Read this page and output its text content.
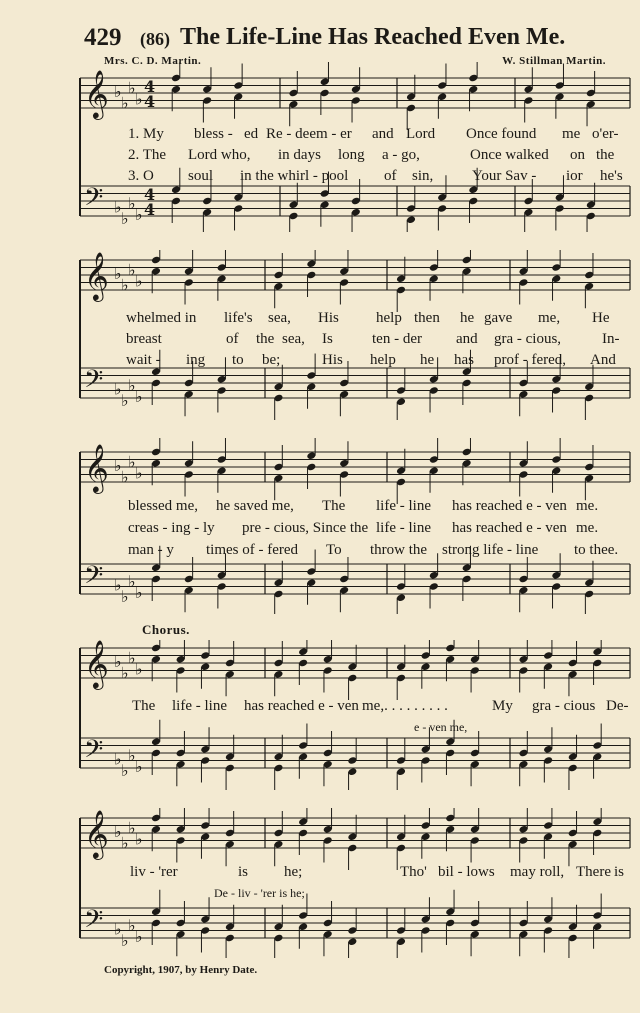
429 (86) The Life-Line Has Reached Even Me.
Mrs. C. D. Martin.	W. Stillman Martin.
𝄞 ♭
♭
♭
♭
4
4
𝄢 ♭
♭
♭
♭
4
4
1. My bless - ed Re - deem - er and Lord Once found me o'er-
2. The Lord who, in days long a - go,	Once walked on the
3. O soul in the whirl - pool of sin,	Your Sav - ior he's
𝄞 ♭
♭
♭
♭
𝄢 ♭
♭
♭
♭
whelmed in life's sea, His help then he gave me, He
breast	of the sea, Is	ten - der and gra - cious,	In-
wait - ing to be;	His help he has prof - fered, And
𝄞 ♭
♭
♭
♭
𝄢 ♭
♭
♭
♭
blessed me, he saved me, The life - line has reached e - ven me.
creas - ing - ly pre - cious, Since the life - line has reached e - ven me.
man - y times of - fered To throw the strong life - line to thee.
Chorus.
𝄞 ♭
♭
♭
♭
𝄢 ♭
♭
♭
♭
The life - line has reached e - ven me,. . . . . . . . .	My gra - cious De-
e - ven me,
𝄞 ♭
♭
♭
♭
𝄢 ♭
♭
♭
♭
liv - 'rer	is he;	Tho' bil - lows may roll, There is
De - liv - 'rer is he;
Copyright, 1907, by Henry Date.
